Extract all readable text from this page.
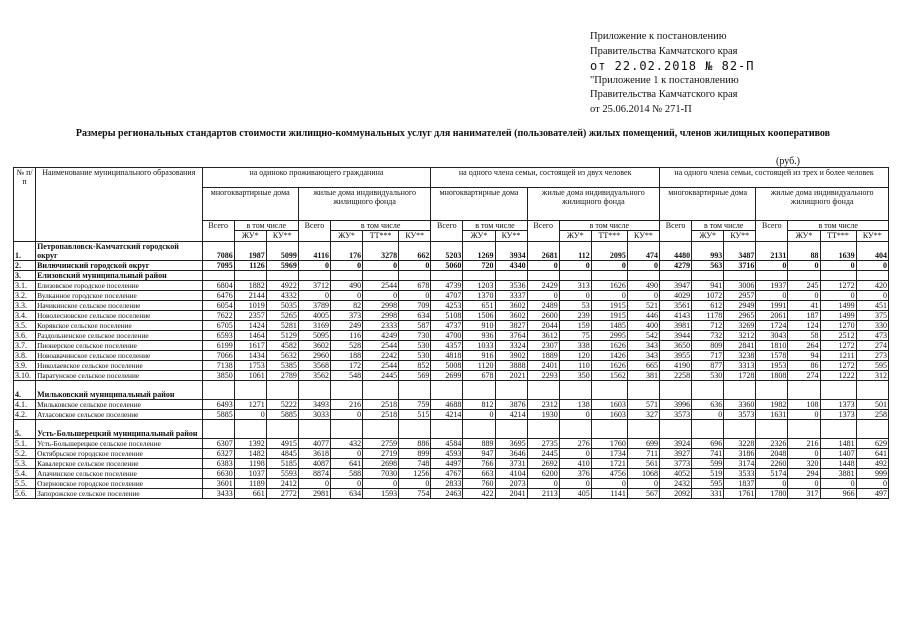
Приложение к постановлению
Правительства Камчатского края
от 22.02.2018 № 82-П
"Приложение 1 к постановлению
Правительства Камчатского края
от 25.06.2014 № 271-П
Размеры региональных стандартов стоимости жилищно-коммунальных услуг для нанимателей (пользователей) жилых помещений, членов жилищных кооперативов
(руб.)
№ п/п	Наименование муниципального образования	на одиноко проживающего гражданина							на одного члена семьи, состоящей из двух человек							на одного члена семьи, состоящей из трех и более человек						
		многоквартирные дома			жилые дома индивидуального жилищного фонда				многоквартирные дома			жилые дома индивидуального жилищного фонда				многоквартирные дома			жилые дома индивидуального жилищного фонда			
		Всего	в том числе		Всего	в том числе			Всего	в том числе		Всего	в том числе			Всего	в том числе		Всего	в том числе		
			ЖУ*	КУ**		ЖУ*	ТТ***	КУ**		ЖУ*	КУ**		ЖУ*	ТТ***	КУ**		ЖУ*	КУ**		ЖУ*	ТТ***	КУ**
1.	Петропавловск-Камчатский городской округ	7086	1987	5099	4116	176	3278	662	5203	1269	3934	2681	112	2095	474	4480	993	3487	2131	88	1639	404
2.	Вилючинский городской округ	7095	1126	5969	0	0	0	0	5060	720	4340	0	0	0	0	4279	563	3716	0	0	0	0
3.	Елизовский муниципальный район																					
3.1.	Елизовское городское поселение	6804	1882	4922	3712	490	2544	678	4739	1203	3536	2429	313	1626	490	3947	941	3006	1937	245	1272	420
3.2.	Вулканное городское поселение	6476	2144	4332	0	0	0	0	4707	1370	3337	0	0	0	0	4029	1072	2957	0	0	0	0
3.3.	Начикинское сельское поселение	6054	1019	5035	3789	82	2998	709	4253	651	3602	2489	53	1915	521	3561	612	2949	1991	41	1499	451
3.4.	Новолесновское сельское поселение	7622	2357	5265	4005	373	2998	634	5108	1506	3602	2600	239	1915	446	4143	1178	2965	2061	187	1499	375
3.5.	Корякское сельское поселение	6705	1424	5281	3169	249	2333	587	4737	910	3827	2044	159	1485	400	3981	712	3269	1724	124	1270	330
3.6.	Раздольненское сельское поселение	6593	1464	5129	5095	116	4249	730	4700	936	3764	3612	75	2995	542	3944	732	3212	3043	58	2512	473
3.7.	Пионерское сельское поселение	6199	1617	4582	3602	528	2544	530	4357	1033	3324	2307	338	1626	343	3650	809	2841	1810	264	1272	274
3.8.	Новоавачинское сельское поселение	7066	1434	5632	2960	188	2242	530	4818	916	3902	1889	120	1426	343	3955	717	3238	1578	94	1211	273
3.9.	Николаевское сельское поселение	7138	1753	5385	3568	172	2544	852	5008	1120	3888	2401	110	1626	665	4190	877	3313	1953	86	1272	595
3.10.	Паратунское сельское поселение	3850	1061	2789	3562	548	2445	569	2699	678	2021	2293	350	1562	381	2258	530	1728	1808	274	1222	312
4.	Мильковский муниципальный район																					
4.1.	Мильковское сельское поселение	6493	1271	5222	3493	216	2518	759	4688	812	3876	2312	138	1603	571	3996	636	3360	1982	108	1373	501
4.2.	Атласовское сельское поселение	5885	0	5885	3033	0	2518	515	4214	0	4214	1930	0	1603	327	3573	0	3573	1631	0	1373	258
5.	Усть-Большерецкий муниципальный район																					
5.1.	Усть-Большерецкое сельское поселение	6307	1392	4915	4077	432	2759	886	4584	889	3695	2735	276	1760	699	3924	696	3228	2326	216	1481	629
5.2.	Октябрьское городское поселение	6327	1482	4845	3618	0	2719	899	4593	947	3646	2445	0	1734	711	3927	741	3186	2048	0	1407	641
5.3.	Кавалерское сельское поселение	6383	1198	5185	4087	641	2698	748	4497	766	3731	2692	410	1721	561	3773	599	3174	2260	320	1448	492
5.4.	Апачинское сельское поселение	6630	1037	5593	8874	588	7030	1256	4767	663	4104	6200	376	4756	1068	4052	519	3533	5174	294	3881	999
5.5.	Озерновское городское поселение	3601	1189	2412	0	0	0	0	2833	760	2073	0	0	0	0	2432	595	1837	0	0	0	0
5.6.	Запорожское сельское поселение	3433	661	2772	2981	634	1593	754	2463	422	2041	2113	405	1141	567	2092	331	1761	1780	317	966	497
